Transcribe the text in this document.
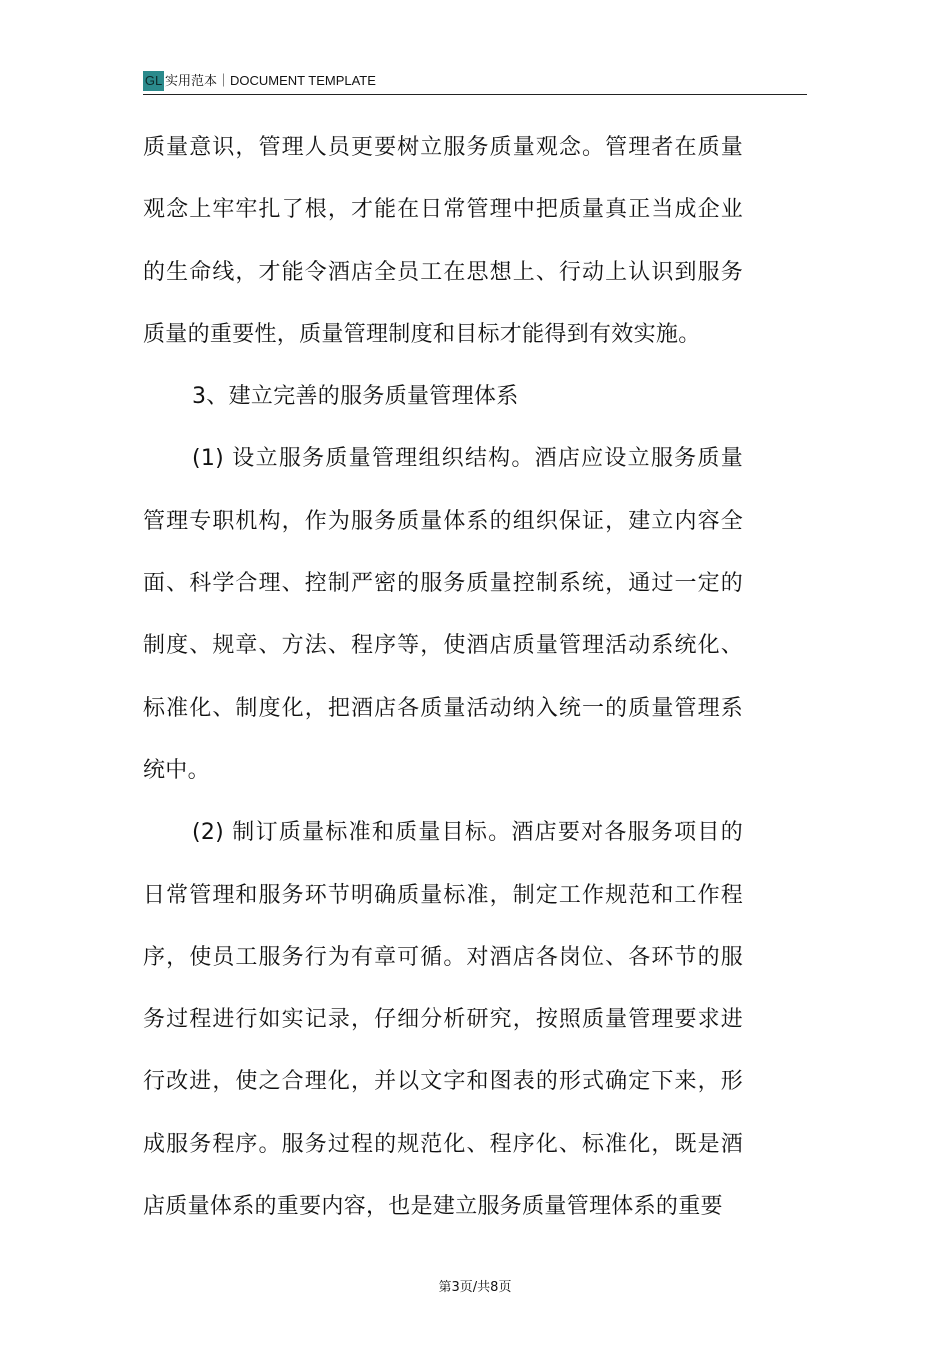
GL 实用范本｜DOCUMENT TEMPLATE

质量意识，管理人员更要树立服务质量观念。管理者在质量观念上牢牢扎了根，才能在日常管理中把质量真正当成企业的生命线，才能令酒店全员工在思想上、行动上认识到服务质量的重要性，质量管理制度和目标才能得到有效实施。

3、建立完善的服务质量管理体系

(1) 设立服务质量管理组织结构。酒店应设立服务质量管理专职机构，作为服务质量体系的组织保证，建立内容全面、科学合理、控制严密的服务质量控制系统，通过一定的制度、规章、方法、程序等，使酒店质量管理活动系统化、标准化、制度化，把酒店各质量活动纳入统一的质量管理系统中。

(2) 制订质量标准和质量目标。酒店要对各服务项目的日常管理和服务环节明确质量标准，制定工作规范和工作程序，使员工服务行为有章可循。对酒店各岗位、各环节的服务过程进行如实记录，仔细分析研究，按照质量管理要求进行改进，使之合理化，并以文字和图表的形式确定下来，形成服务程序。服务过程的规范化、程序化、标准化，既是酒店质量体系的重要内容，也是建立服务质量管理体系的重要

第3页/共8页
